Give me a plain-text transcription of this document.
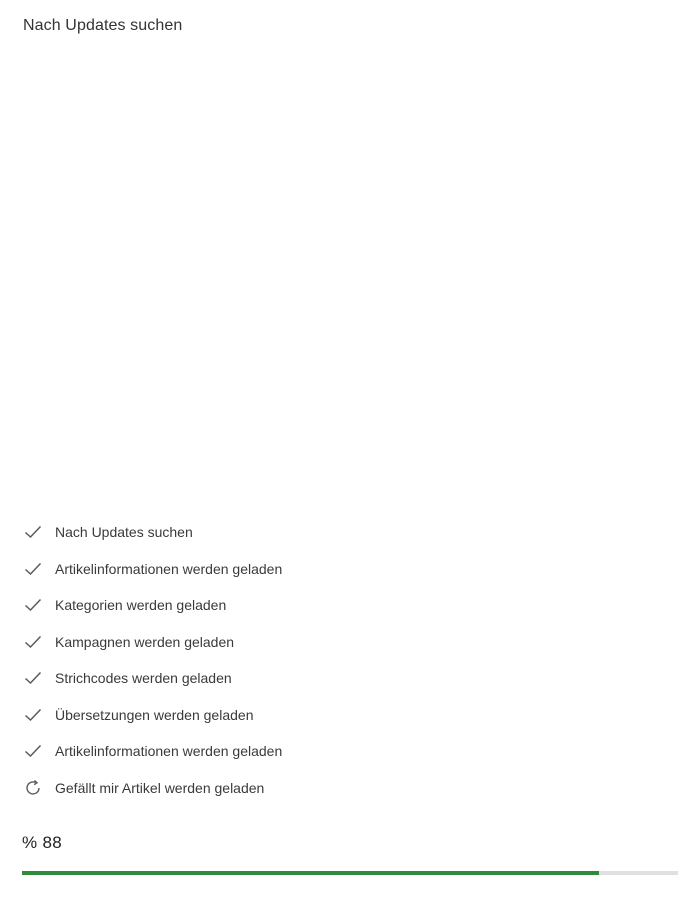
Nach Updates suchen
Nach Updates suchen
Artikelinformationen werden geladen
Kategorien werden geladen
Kampagnen werden geladen
Strichcodes werden geladen
Übersetzungen werden geladen
Artikelinformationen werden geladen
Gefällt mir Artikel werden geladen
% 88
